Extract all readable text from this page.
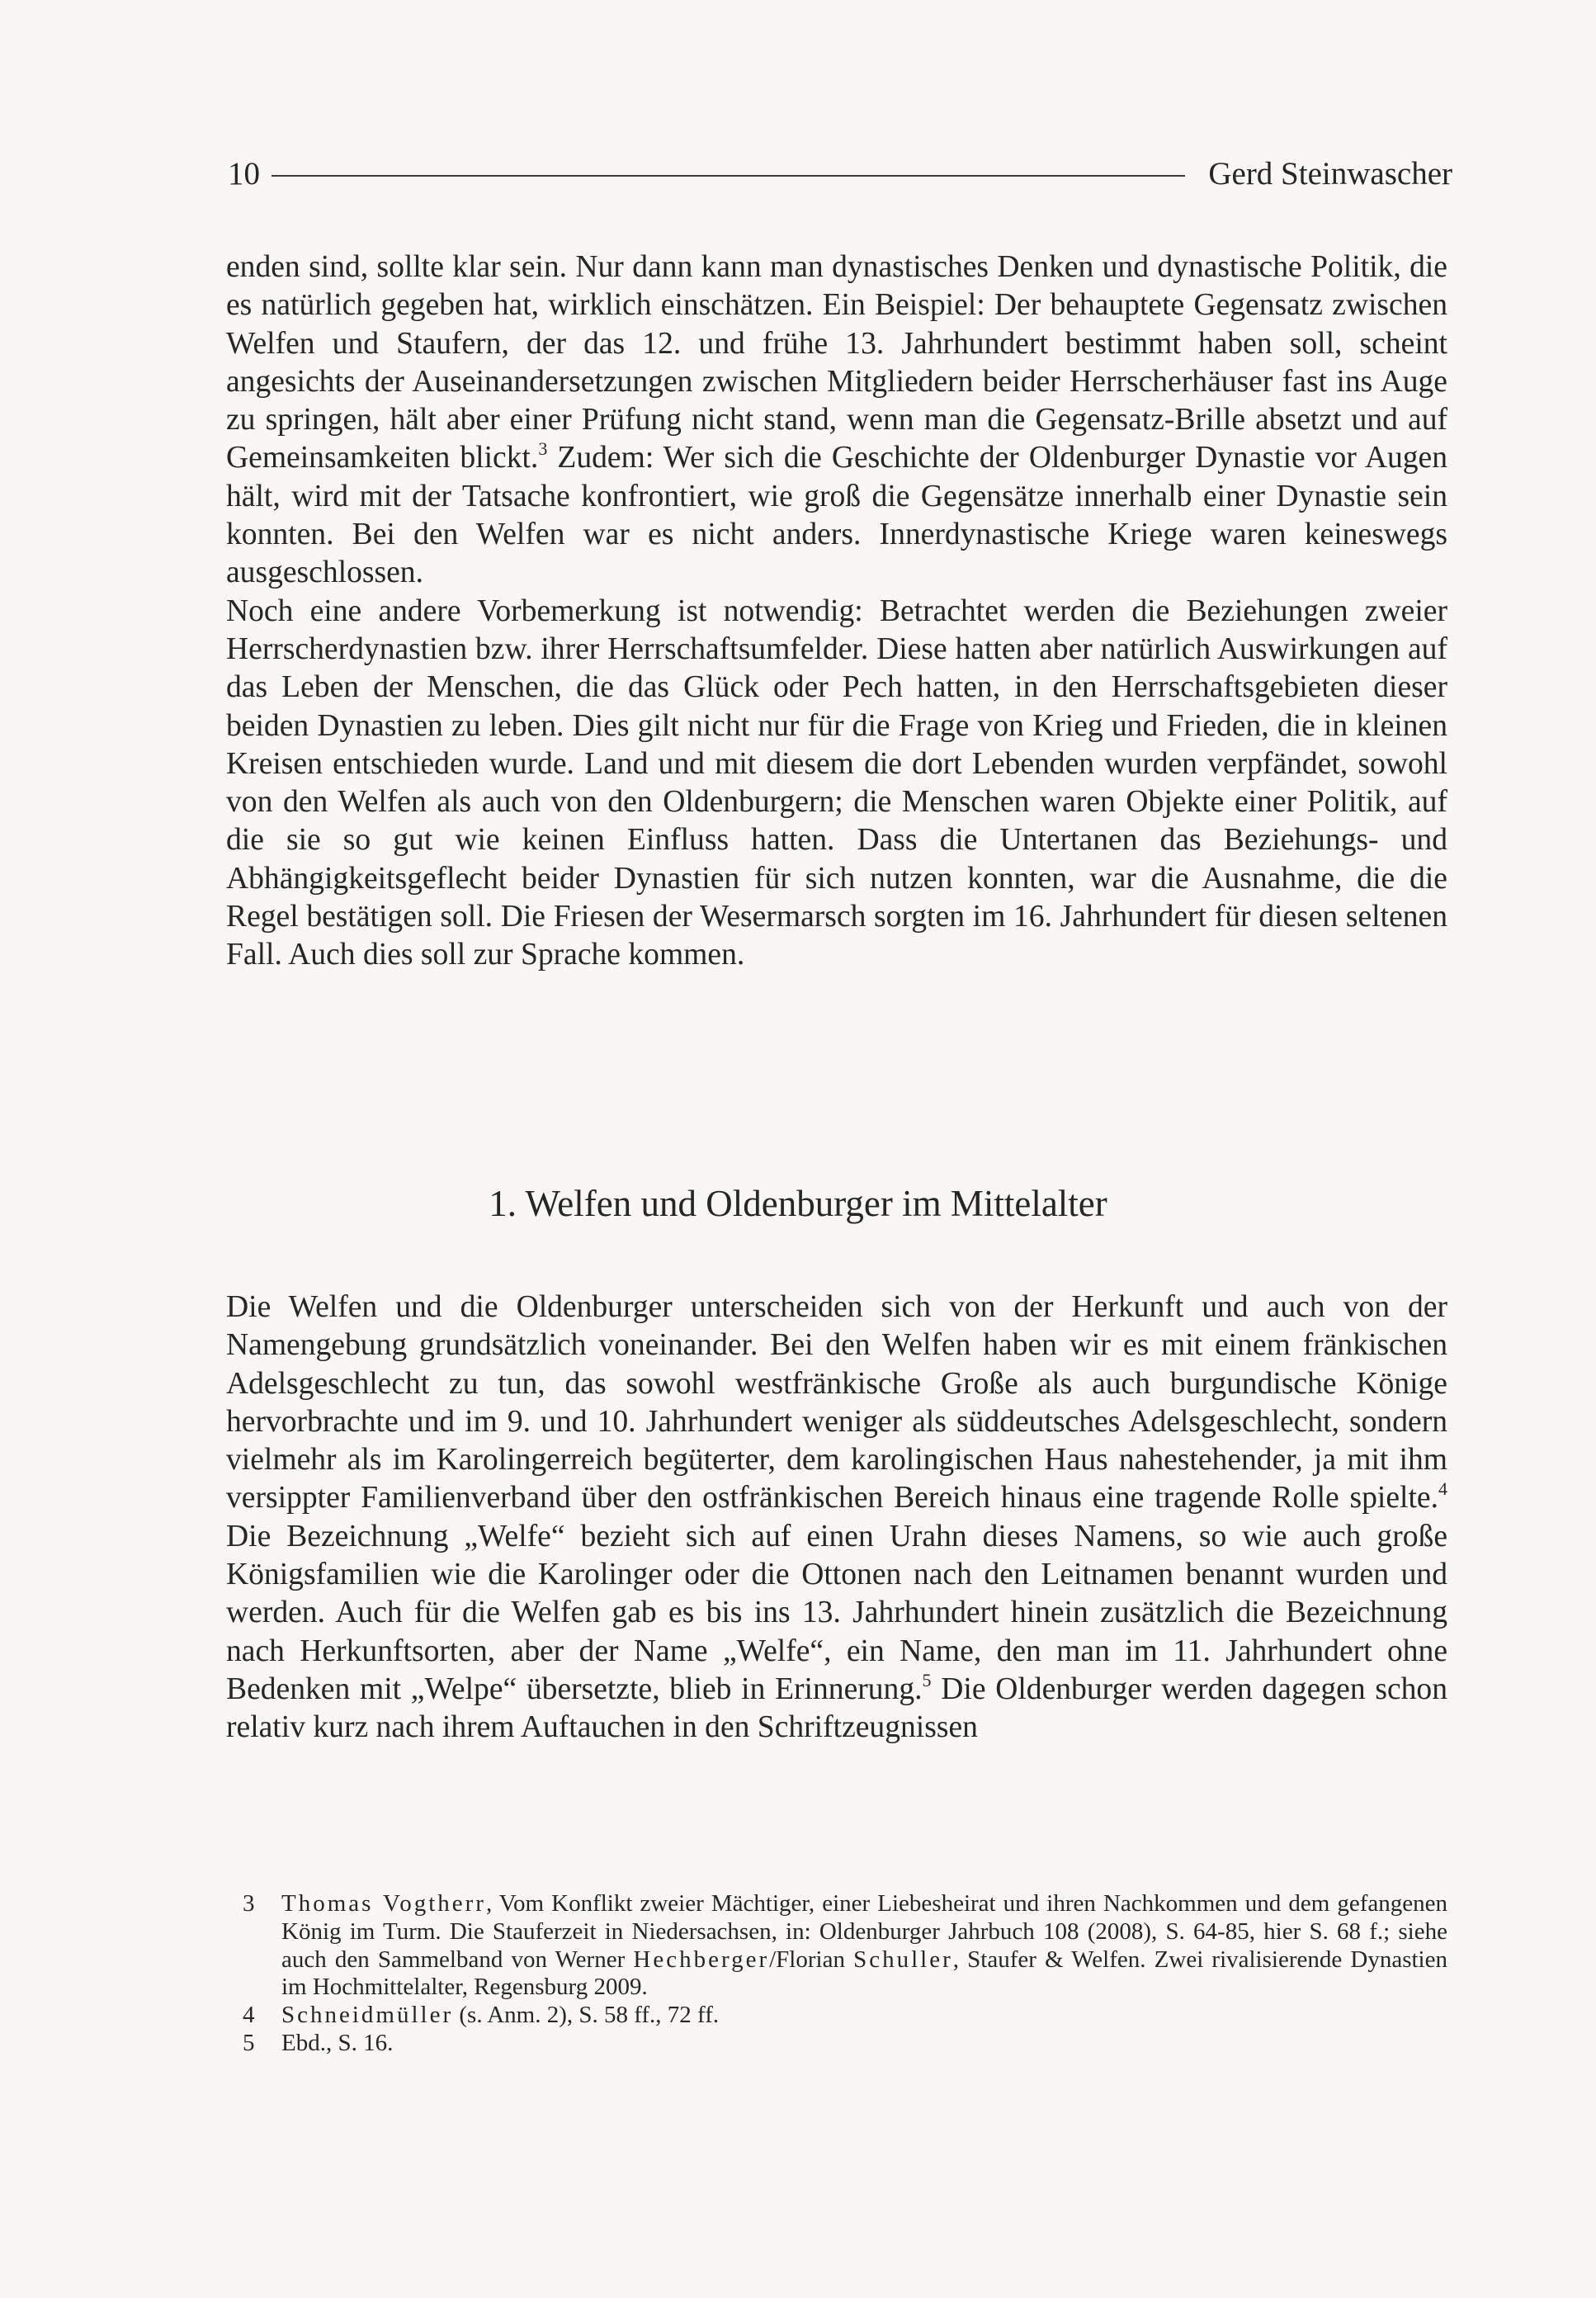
10	Gerd Steinwascher

enden sind, sollte klar sein. Nur dann kann man dynastisches Denken und dynastische Politik, die es natürlich gegeben hat, wirklich einschätzen. Ein Beispiel: Der behauptete Gegensatz zwischen Welfen und Staufern, der das 12. und frühe 13. Jahrhundert bestimmt haben soll, scheint angesichts der Auseinandersetzungen zwischen Mitgliedern beider Herrscherhäuser fast ins Auge zu springen, hält aber einer Prüfung nicht stand, wenn man die Gegensatz-Brille absetzt und auf Gemeinsamkeiten blickt.$^3$ Zudem: Wer sich die Geschichte der Oldenburger Dynastie vor Augen hält, wird mit der Tatsache konfrontiert, wie groß die Gegensätze innerhalb einer Dynastie sein konnten. Bei den Welfen war es nicht anders. Innerdynastische Kriege waren keineswegs ausgeschlossen.

Noch eine andere Vorbemerkung ist notwendig: Betrachtet werden die Beziehungen zweier Herrscherdynastien bzw. ihrer Herrschaftsumfelder. Diese hatten aber natürlich Auswirkungen auf das Leben der Menschen, die das Glück oder Pech hatten, in den Herrschaftsgebieten dieser beiden Dynastien zu leben. Dies gilt nicht nur für die Frage von Krieg und Frieden, die in kleinen Kreisen entschieden wurde. Land und mit diesem die dort Lebenden wurden verpfändet, sowohl von den Welfen als auch von den Oldenburgern; die Menschen waren Objekte einer Politik, auf die sie so gut wie keinen Einfluss hatten. Dass die Untertanen das Beziehungs- und Abhängigkeitsgeflecht beider Dynastien für sich nutzen konnten, war die Ausnahme, die die Regel bestätigen soll. Die Friesen der Wesermarsch sorgten im 16. Jahrhundert für diesen seltenen Fall. Auch dies soll zur Sprache kommen.

1. Welfen und Oldenburger im Mittelalter

Die Welfen und die Oldenburger unterscheiden sich von der Herkunft und auch von der Namengebung grundsätzlich voneinander. Bei den Welfen haben wir es mit einem fränkischen Adelsgeschlecht zu tun, das sowohl westfränkische Große als auch burgundische Könige hervorbrachte und im 9. und 10. Jahrhundert weniger als süddeutsches Adelsgeschlecht, sondern vielmehr als im Karolingerreich begüterter, dem karolingischen Haus nahestehender, ja mit ihm versippter Familienverband über den ostfränkischen Bereich hinaus eine tragende Rolle spielte.$^4$ Die Bezeichnung „Welfe“ bezieht sich auf einen Urahn dieses Namens, so wie auch große Königsfamilien wie die Karolinger oder die Ottonen nach den Leitnamen benannt wurden und werden. Auch für die Welfen gab es bis ins 13. Jahrhundert hinein zusätzlich die Bezeichnung nach Herkunftsorten, aber der Name „Welfe“, ein Name, den man im 11. Jahrhundert ohne Bedenken mit „Welpe“ übersetzte, blieb in Erinnerung.$^5$ Die Oldenburger werden dagegen schon relativ kurz nach ihrem Auftauchen in den Schriftzeugnissen

3	Thomas Vogtherr, Vom Konflikt zweier Mächtiger, einer Liebesheirat und ihren Nachkommen und dem gefangenen König im Turm. Die Stauferzeit in Niedersachsen, in: Oldenburger Jahrbuch 108 (2008), S. 64-85, hier S. 68 f.; siehe auch den Sammelband von Werner Hechberger/Florian Schuller, Staufer & Welfen. Zwei rivalisierende Dynastien im Hochmittelalter, Regensburg 2009.
4	Schneidmüller (s. Anm. 2), S. 58 ff., 72 ff.
5	Ebd., S. 16.
